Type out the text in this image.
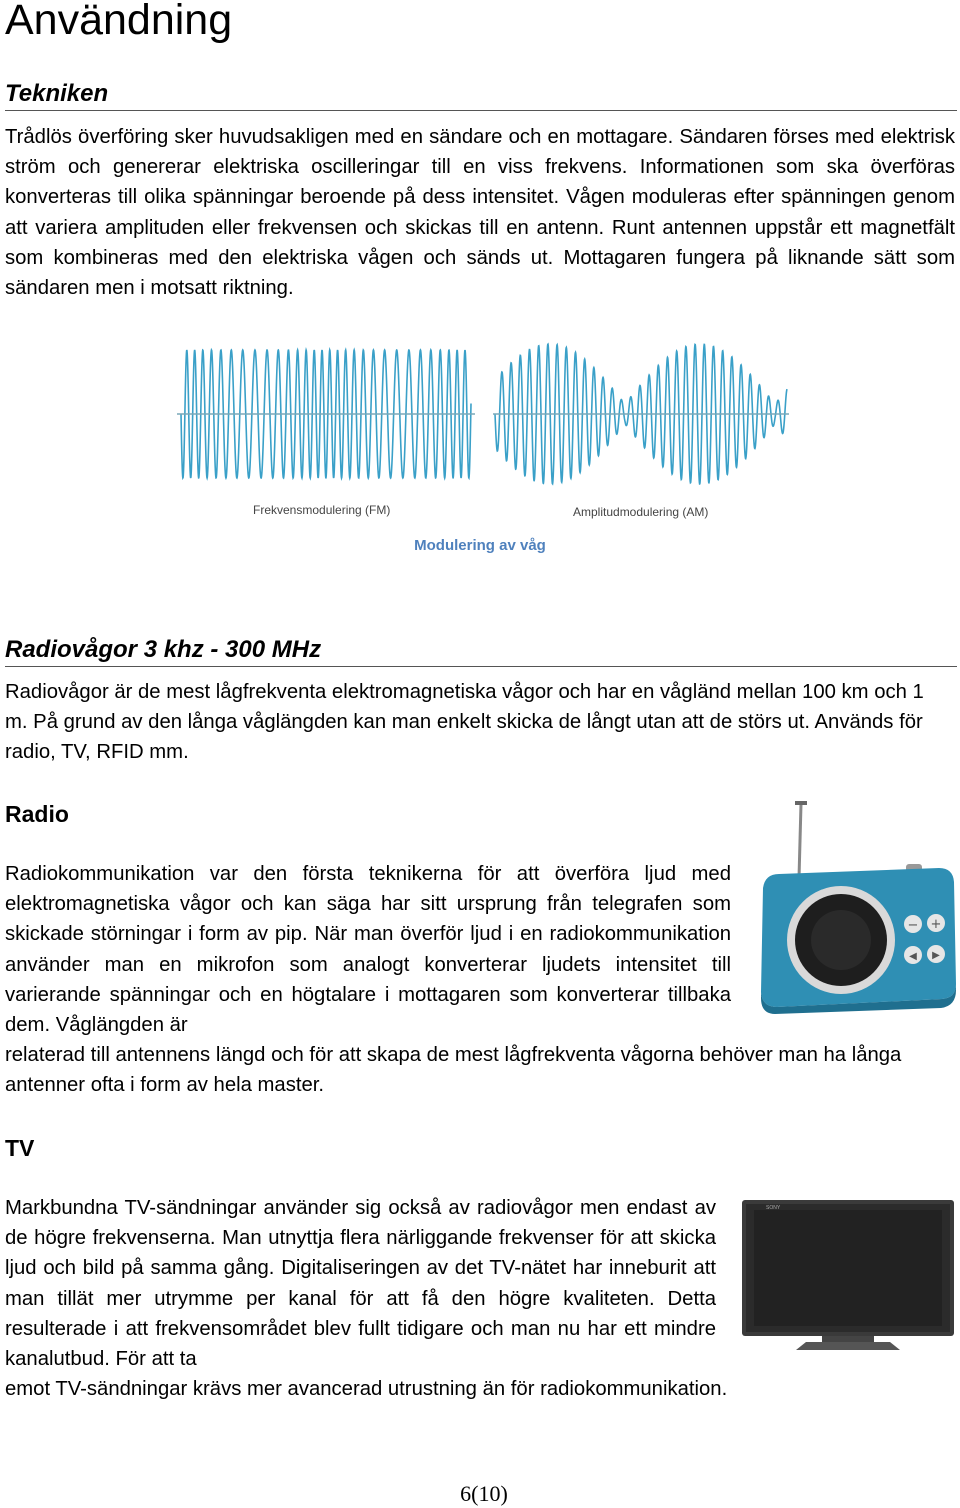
Användning
Tekniken

Trådlös överföring sker huvudsakligen med en sändare och en mottagare. Sändaren förses med elektrisk ström och genererar elektriska oscilleringar till en viss frekvens. Informationen som ska överföras konverteras till olika spänningar beroende på dess intensitet. Vågen moduleras efter spänningen genom att variera amplituden eller frekvensen och skickas till en antenn. Runt antennen uppstår ett magnetfält som kombineras med den elektriska vågen och sänds ut. Mottagaren fungera på liknande sätt som sändaren men i motsatt riktning.

Frekvensmodulering (FM)	Amplitudmodulering (AM)
Modulering av våg
Radiovågor 3 khz - 300 MHz

Radiovågor är de mest lågfrekventa elektromagnetiska vågor och har en vågländ mellan 100 km och 1 m. På grund av den långa våglängden kan man enkelt skicka de långt utan att de störs ut. Används för radio, TV, RFID mm.

Radio

Radiokommunikation var den första teknikerna för att överföra ljud med elektromagnetiska vågor och kan säga har sitt ursprung från telegrafen som skickade störningar i form av pip. När man överför ljud i en radiokommunikation använder man en mikrofon som analogt konverterar ljudets intensitet till varierande spänningar och en högtalare i mottagaren som konverterar tillbaka dem. Våglängden är

relaterad till antennens längd och för att skapa de mest lågfrekventa vågorna behöver man ha långa antenner ofta i form av hela master.

− +
◀ ▶
TV

Markbundna TV-sändningar använder sig också av radiovågor men endast av de högre frekvenserna. Man utnyttja flera närliggande frekvenser för att skicka ljud och bild på samma gång. Digitaliseringen av det TV-nätet har inneburit att man tillät mer utrymme per kanal för att få den högre kvaliteten. Detta resulterade i att frekvensområdet blev fullt tidigare och man nu har ett mindre kanalutbud. För att ta

emot TV-sändningar krävs mer avancerad utrustning än för radiokommunikation.

SONY
6(10)
